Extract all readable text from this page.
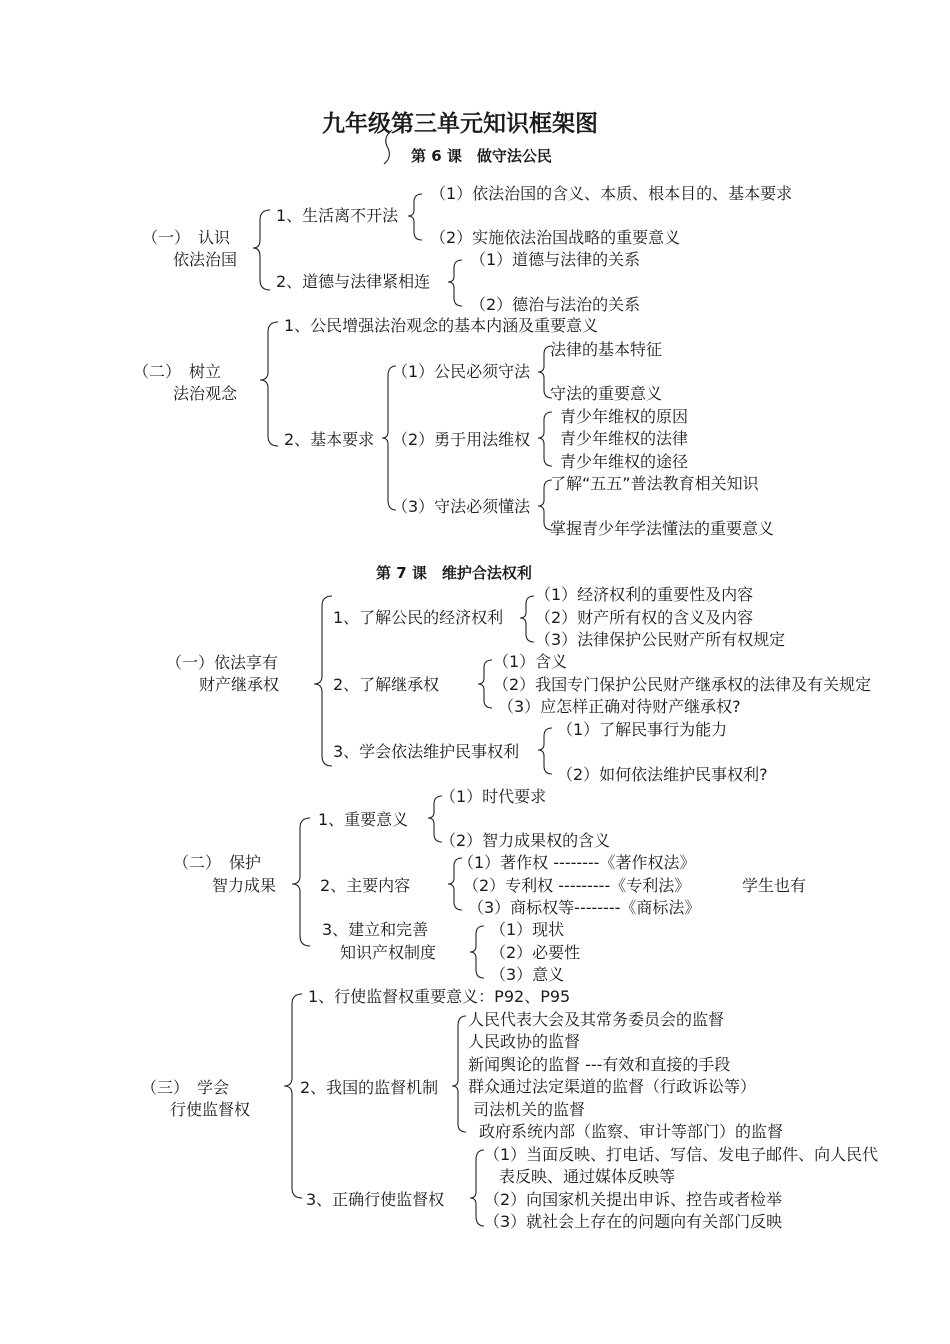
九年级第三单元知识框架图
第 6 课　做守法公民
（一）　认识
依法治国
1、生活离不开法
（1）依法治国的含义、本质、根本目的、基本要求
（2）实施依法治国战略的重要意义
2、道德与法律紧相连
（1）道德与法律的关系
（2）德治与法治的关系
（二）　树立
法治观念
1、公民增强法治观念的基本内涵及重要意义
2、基本要求
（1）公民必须守法
法律的基本特征
守法的重要意义
（2）勇于用法维权
青少年维权的原因
青少年维权的法律
青少年维权的途径
（3）守法必须懂法
了解“五五”普法教育相关知识
掌握青少年学法懂法的重要意义
第 7 课　维护合法权利
（一）依法享有
财产继承权
1、了解公民的经济权利
（1）经济权利的重要性及内容
（2）财产所有权的含义及内容
（3）法律保护公民财产所有权规定
2、了解继承权
（1）含义
（2）我国专门保护公民财产继承权的法律及有关规定
（3）应怎样正确对待财产继承权?
3、学会依法维护民事权利
（1）了解民事行为能力
（2）如何依法维护民事权利?
（二）　保护
智力成果
1、重要意义
（1）时代要求
（2）智力成果权的含义
2、主要内容
（1）著作权 --------《著作权法》
（2）专利权 ---------《专利法》
（3）商标权等--------《商标法》
学生也有
3、建立和完善
知识产权制度
（1）现状
（2）必要性
（3）意义
（三）　学会
行使监督权
1、行使监督权重要意义：P92、P95
2、我国的监督机制
人民代表大会及其常务委员会的监督
人民政协的监督
新闻舆论的监督 ---有效和直接的手段
群众通过法定渠道的监督（行政诉讼等）
司法机关的监督
政府系统内部（监察、审计等部门）的监督
3、正确行使监督权
（1）当面反映、打电话、写信、发电子邮件、向人民代
表反映、通过媒体反映等
（2）向国家机关提出申诉、控告或者检举
（3）就社会上存在的问题向有关部门反映
